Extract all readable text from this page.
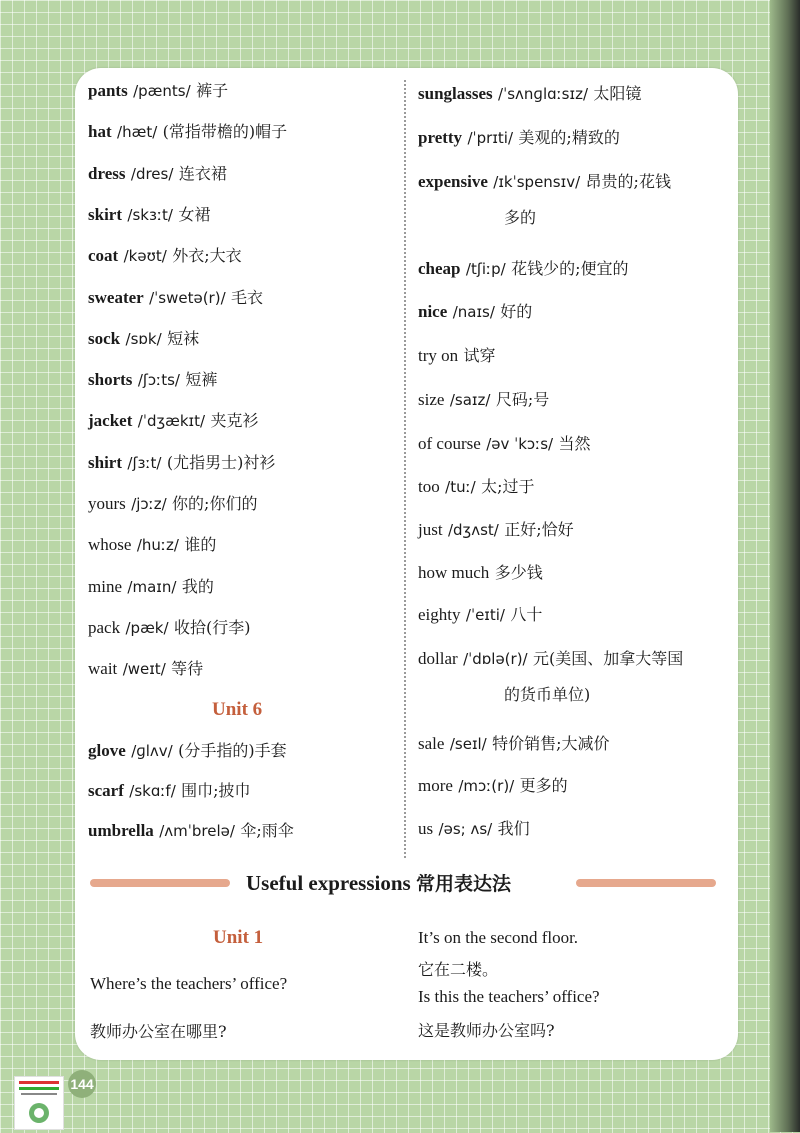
pants /pænts/ 裤子
hat /hæt/ (常指带檐的)帽子
dress /dres/ 连衣裙
skirt /skɜːt/ 女裙
coat /kəʊt/ 外衣;大衣
sweater /ˈswetə(r)/ 毛衣
sock /sɒk/ 短袜
shorts /ʃɔːts/ 短裤
jacket /ˈdʒækɪt/ 夹克衫
shirt /ʃɜːt/ (尤指男士)衬衫
yours /jɔːz/ 你的;你们的
whose /huːz/ 谁的
mine /maɪn/ 我的
pack /pæk/ 收拾(行李)
wait /weɪt/ 等待
Unit 6
glove /ɡlʌv/ (分手指的)手套
scarf /skɑːf/ 围巾;披巾
umbrella /ʌmˈbrelə/ 伞;雨伞
sunglasses /ˈsʌnɡlɑːsɪz/ 太阳镜
pretty /ˈprɪti/ 美观的;精致的
expensive /ɪkˈspensɪv/ 昂贵的;花钱
多的
cheap /tʃiːp/ 花钱少的;便宜的
nice /naɪs/ 好的
try on 试穿
size /saɪz/ 尺码;号
of course /əv ˈkɔːs/ 当然
too /tuː/ 太;过于
just /dʒʌst/ 正好;恰好
how much 多少钱
eighty /ˈeɪti/ 八十
dollar /ˈdɒlə(r)/ 元(美国、加拿大等国
的货币单位)
sale /seɪl/ 特价销售;大减价
more /mɔː(r)/ 更多的
us /əs; ʌs/ 我们
Useful expressions 常用表达法
Unit 1
Where’s the teachers’ office?
教师办公室在哪里?
It’s on the second floor.
它在二楼。
Is this the teachers’ office?
这是教师办公室吗?
144
